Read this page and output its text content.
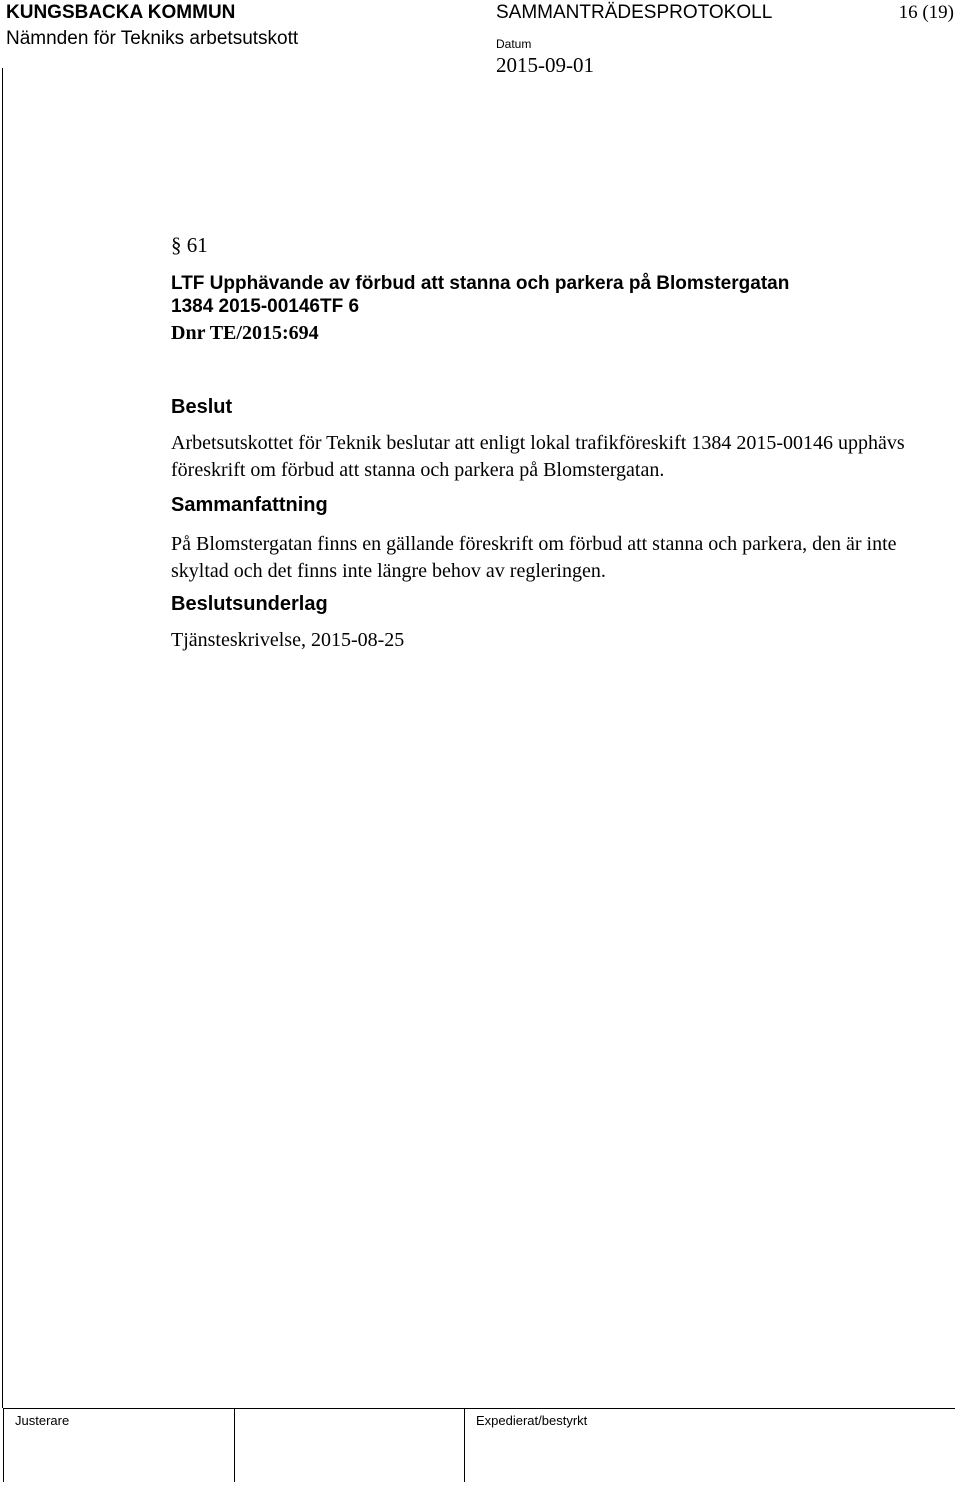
KUNGSBACKA KOMMUN
Nämnden för Tekniks arbetsutskott
SAMMANTRÄDESPROTOKOLL	16 (19)
Datum
2015-09-01
§ 61
LTF Upphävande av förbud att stanna och parkera på Blomstergatan
1384 2015-00146TF 6
Dnr TE/2015:694
Beslut
Arbetsutskottet för Teknik beslutar att enligt lokal trafikföreskift 1384 2015-00146 upphävs föreskrift om förbud att stanna och parkera på Blomstergatan.
Sammanfattning
På Blomstergatan finns en gällande föreskrift om förbud att stanna och parkera, den är inte skyltad och det finns inte längre behov av regleringen.
Beslutsunderlag
Tjänsteskrivelse, 2015-08-25
Justerare	Expedierat/bestyrkt
